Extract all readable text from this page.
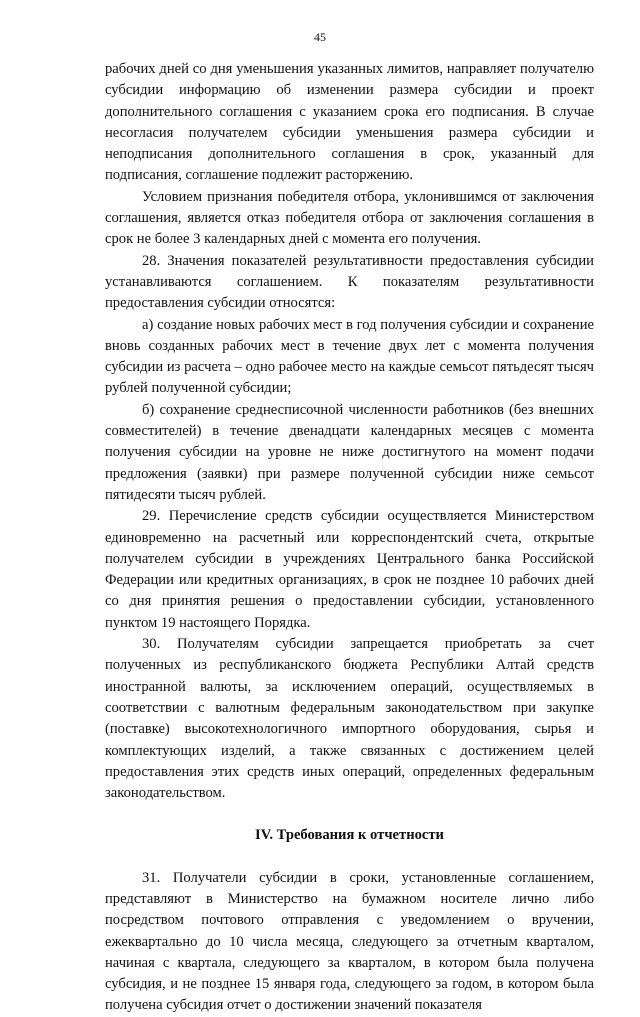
45

рабочих дней со дня уменьшения указанных лимитов, направляет получателю субсидии информацию об изменении размера субсидии и проект дополнительного соглашения с указанием срока его подписания. В случае несогласия получателем субсидии уменьшения размера субсидии и неподписания дополнительного соглашения в срок, указанный для подписания, соглашение подлежит расторжению.

Условием признания победителя отбора, уклонившимся от заключения соглашения, является отказ победителя отбора от заключения соглашения в срок не более 3 календарных дней с момента его получения.

28. Значения показателей результативности предоставления субсидии устанавливаются соглашением. К показателям результативности предоставления субсидии относятся:

а) создание новых рабочих мест в год получения субсидии и сохранение вновь созданных рабочих мест в течение двух лет с момента получения субсидии из расчета – одно рабочее место на каждые семьсот пятьдесят тысяч рублей полученной субсидии;

б) сохранение среднесписочной численности работников (без внешних совместителей) в течение двенадцати календарных месяцев с момента получения субсидии на уровне не ниже достигнутого на момент подачи предложения (заявки) при размере полученной субсидии ниже семьсот пятидесяти тысяч рублей.

29. Перечисление средств субсидии осуществляется Министерством единовременно на расчетный или корреспондентский счета, открытые получателем субсидии в учреждениях Центрального банка Российской Федерации или кредитных организациях, в срок не позднее 10 рабочих дней со дня принятия решения о предоставлении субсидии, установленного пунктом 19 настоящего Порядка.

30. Получателям субсидии запрещается приобретать за счет полученных из республиканского бюджета Республики Алтай средств иностранной валюты, за исключением операций, осуществляемых в соответствии с валютным федеральным законодательством при закупке (поставке) высокотехнологичного импортного оборудования, сырья и комплектующих изделий, а также связанных с достижением целей предоставления этих средств иных операций, определенных федеральным законодательством.

IV. Требования к отчетности

31. Получатели субсидии в сроки, установленные соглашением, представляют в Министерство на бумажном носителе лично либо посредством почтового отправления с уведомлением о вручении, ежеквартально до 10 числа месяца, следующего за отчетным кварталом, начиная с квартала, следующего за кварталом, в котором была получена субсидия, и не позднее 15 января года, следующего за годом, в котором была получена субсидия отчет о достижении значений показателя
